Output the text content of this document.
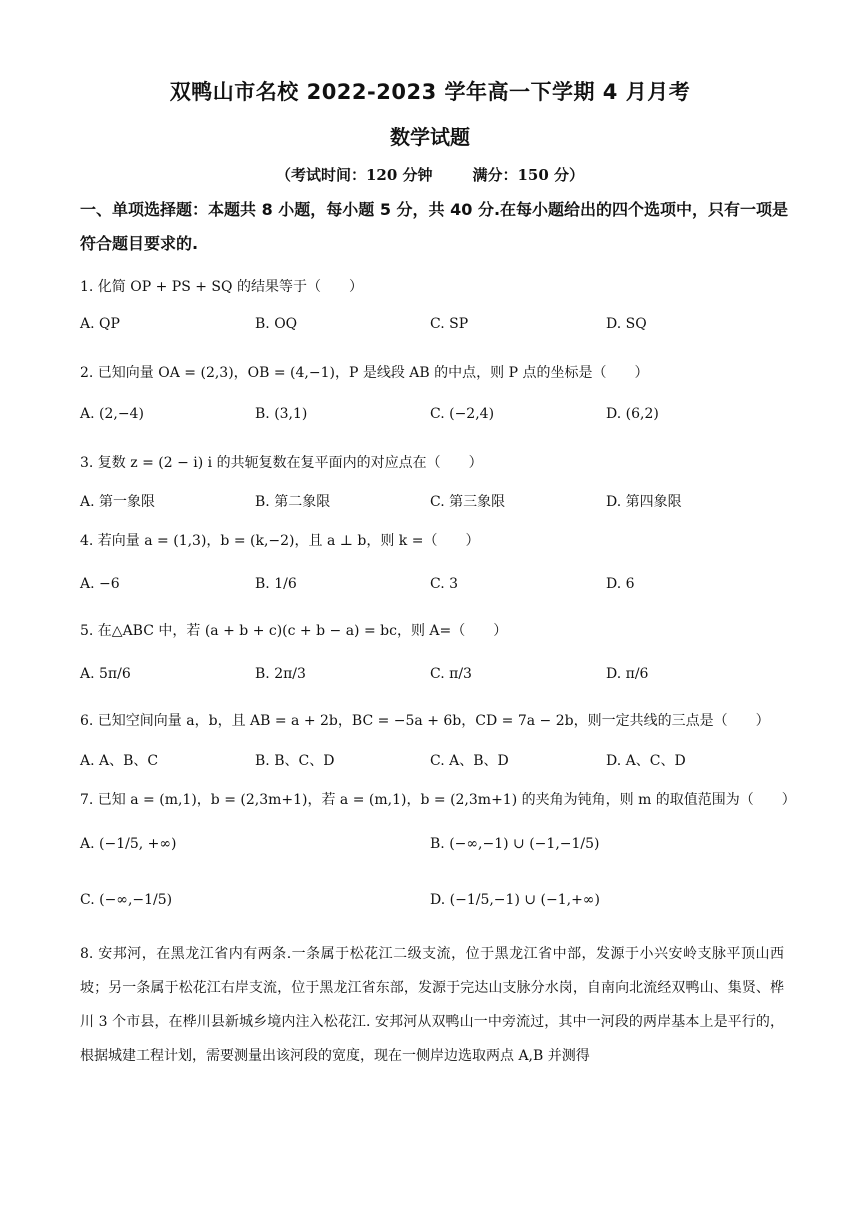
双鸭山市名校 2022-2023 学年高一下学期 4 月月考
数学试题
（考试时间：120 分钟	满分：150 分）
一、单项选择题：本题共 8 小题，每小题 5 分，共 40 分.在每小题给出的四个选项中，只有一项是符合题目要求的.
1. 化简 OP + PS + SQ 的结果等于（　　）
A. QP	B. OQ	C. SP	D. SQ
2. 已知向量 OA = (2,3)，OB = (4,−1)，P 是线段 AB 的中点，则 P 点的坐标是（　　）
A. (2,−4)	B. (3,1)	C. (−2,4)	D. (6,2)
3. 复数 z = (2 − i) i 的共轭复数在复平面内的对应点在（　　）
A. 第一象限	B. 第二象限	C. 第三象限	D. 第四象限
4. 若向量 a = (1,3)，b = (k,−2)，且 a ⊥ b，则 k =（　　）
A. −6	B. 1/6	C. 3	D. 6
5. 在△ABC 中，若 (a + b + c)(c + b − a) = bc，则 A=（　　）
A. 5π/6	B. 2π/3	C. π/3	D. π/6
6. 已知空间向量 a，b，且 AB = a + 2b，BC = −5a + 6b，CD = 7a − 2b，则一定共线的三点是（　　）
A. A、B、C	B. B、C、D	C. A、B、D	D. A、C、D
7. 已知 a = (m,1)，b = (2,3m+1)，若 a = (m,1)，b = (2,3m+1) 的夹角为钝角，则 m 的取值范围为（　　）
A. (−1/5, +∞)	B. (−∞,−1) ∪ (−1,−1/5)
C. (−∞,−1/5)	D. (−1/5,−1) ∪ (−1,+∞)
8. 安邦河，在黑龙江省内有两条.一条属于松花江二级支流，位于黑龙江省中部，发源于小兴安岭支脉平顶山西坡；另一条属于松花江右岸支流，位于黑龙江省东部，发源于完达山支脉分水岗，自南向北流经双鸭山、集贤、桦川 3 个市县，在桦川县新城乡境内注入松花江. 安邦河从双鸭山一中旁流过，其中一河段的两岸基本上是平行的，根据城建工程计划，需要测量出该河段的宽度，现在一侧岸边选取两点 A,B 并测得
